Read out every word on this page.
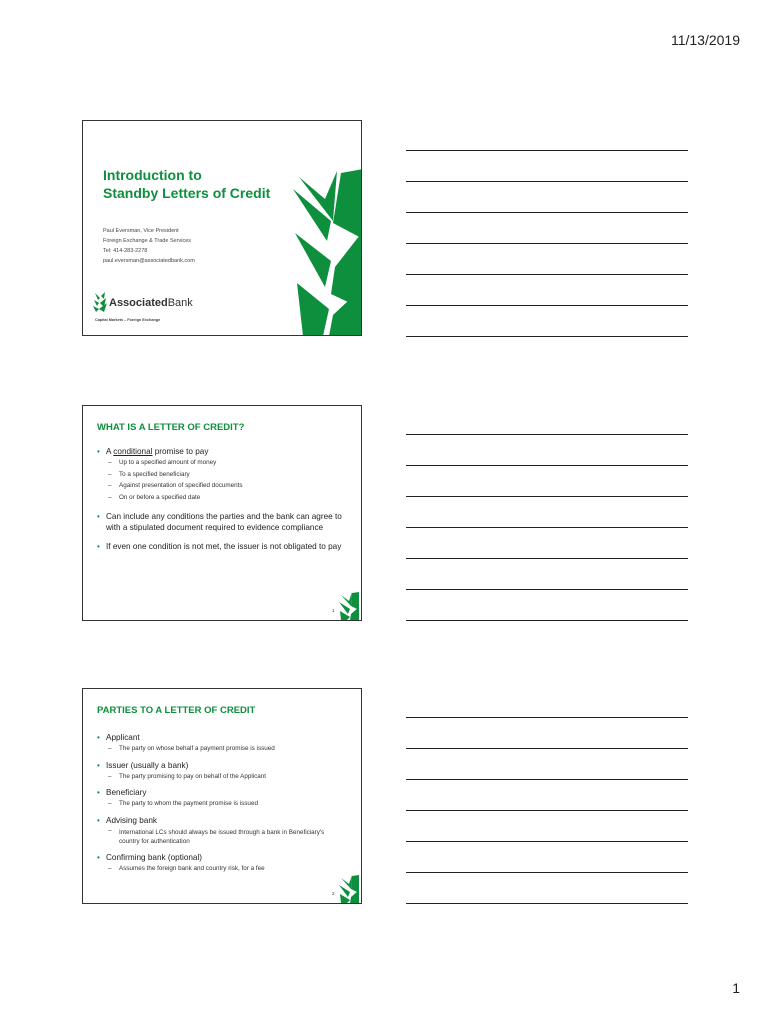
11/13/2019
Introduction to
Standby Letters of Credit
Paul Eversman, Vice President
Foreign Exchange & Trade Services
Tel: 414-283-2278
paul.eversman@associatedbank.com
AssociatedBank
Capital Markets – Foreign Exchange
WHAT IS A LETTER OF CREDIT?
• A conditional promise to pay
– Up to a specified amount of money
– To a specified beneficiary
– Against presentation of specified documents
– On or before a specified date
• Can include any conditions the parties and the bank can agree to with a stipulated document required to evidence compliance
• If even one condition is not met, the issuer is not obligated to pay
1
PARTIES TO A LETTER OF CREDIT
• Applicant
– The party on whose behalf a payment promise is issued
• Issuer (usually a bank)
– The party promising to pay on behalf of the Applicant
• Beneficiary
– The party to whom the payment promise is issued
• Advising bank
– International LCs should always be issued through a bank in Beneficiary's country for authentication
• Confirming bank (optional)
– Assumes the foreign bank and country risk, for a fee
2
1
